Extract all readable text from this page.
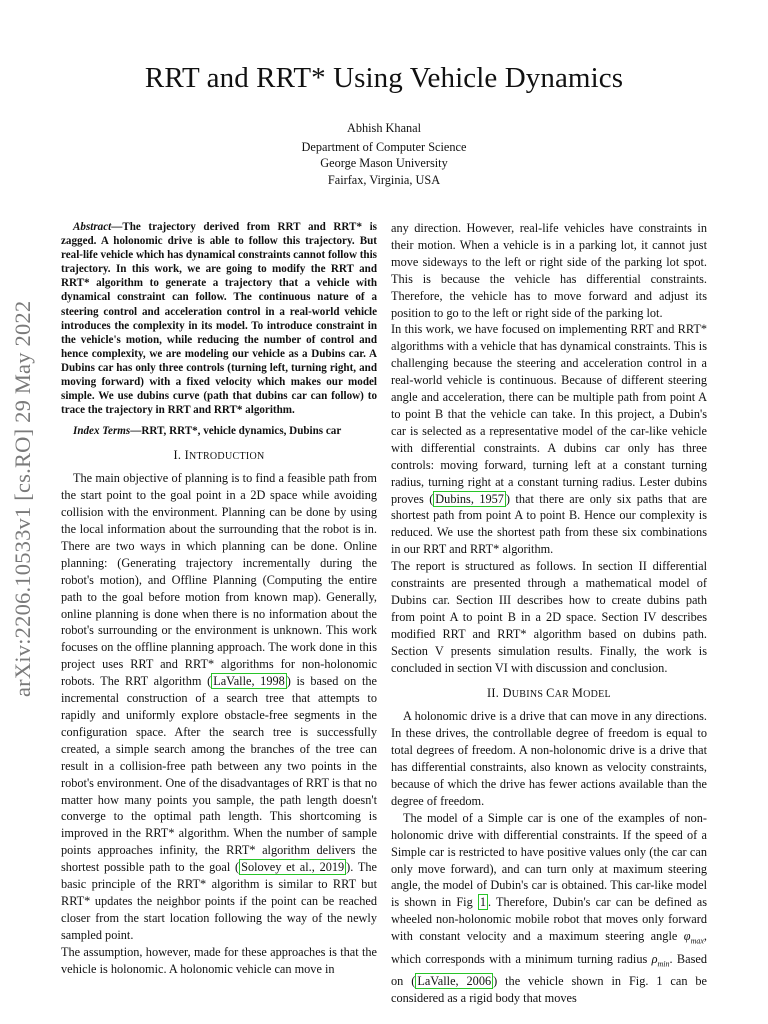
arXiv:2206.10533v1 [cs.RO] 29 May 2022
RRT and RRT* Using Vehicle Dynamics
Abhish Khanal
Department of Computer Science
George Mason University
Fairfax, Virginia, USA

Abstract—The trajectory derived from RRT and RRT* is zagged. A holonomic drive is able to follow this trajectory. But real-life vehicle which has dynamical constraints cannot follow this trajectory. In this work, we are going to modify the RRT and RRT* algorithm to generate a trajectory that a vehicle with dynamical constraint can follow. The continuous nature of a steering control and acceleration control in a real-world vehicle introduces the complexity in its model. To introduce constraint in the vehicle's motion, while reducing the number of control and hence complexity, we are modeling our vehicle as a Dubins car. A Dubins car has only three controls (turning left, turning right, and moving forward) with a fixed velocity which makes our model simple. We use dubins curve (path that dubins car can follow) to trace the trajectory in RRT and RRT* algorithm.

Index Terms—RRT, RRT*, vehicle dynamics, Dubins car

I. INTRODUCTION

The main objective of planning is to find a feasible path from the start point to the goal point in a 2D space while avoiding collision with the environment. Planning can be done by using the local information about the surrounding that the robot is in. There are two ways in which planning can be done. Online planning: (Generating trajectory incrementally during the robot's motion), and Offline Planning (Computing the entire path to the goal before motion from known map). Generally, online planning is done when there is no information about the robot's surrounding or the environment is unknown. This work focuses on the offline planning approach. The work done in this project uses RRT and RRT* algorithms for non-holonomic robots. The RRT algorithm ( LaValle, 1998 ) is based on the incremental construction of a search tree that attempts to rapidly and uniformly explore obstacle-free segments in the configuration space. After the search tree is successfully created, a simple search among the branches of the tree can result in a collision-free path between any two points in the robot's environment. One of the disadvantages of RRT is that no matter how many points you sample, the path length doesn't converge to the optimal path length. This shortcoming is improved in the RRT* algorithm. When the number of sample points approaches infinity, the RRT* algorithm delivers the shortest possible path to the goal ( Solovey et al., 2019 ). The basic principle of the RRT* algorithm is similar to RRT but RRT* updates the neighbor points if the point can be reached closer from the start location following the way of the newly sampled point.

The assumption, however, made for these approaches is that the vehicle is holonomic. A holonomic vehicle can move in

any direction. However, real-life vehicles have constraints in their motion. When a vehicle is in a parking lot, it cannot just move sideways to the left or right side of the parking lot spot. This is because the vehicle has differential constraints. Therefore, the vehicle has to move forward and adjust its position to go to the left or right side of the parking lot.

In this work, we have focused on implementing RRT and RRT* algorithms with a vehicle that has dynamical constraints. This is challenging because the steering and acceleration control in a real-world vehicle is continuous. Because of different steering angle and acceleration, there can be multiple path from point A to point B that the vehicle can take. In this project, a Dubin's car is selected as a representative model of the car-like vehicle with differential constraints. A dubins car only has three controls: moving forward, turning left at a constant turning radius, turning right at a constant turning radius. Lester dubins proves ( Dubins, 1957 ) that there are only six paths that are shortest path from point A to point B. Hence our complexity is reduced. We use the shortest path from these six combinations in our RRT and RRT* algorithm.

The report is structured as follows. In section II differential constraints are presented through a mathematical model of Dubins car. Section III describes how to create dubins path from point A to point B in a 2D space. Section IV describes modified RRT and RRT* algorithm based on dubins path. Section V presents simulation results. Finally, the work is concluded in section VI with discussion and conclusion.

II. DUBINS CAR MODEL

A holonomic drive is a drive that can move in any directions. In these drives, the controllable degree of freedom is equal to total degrees of freedom. A non-holonomic drive is a drive that has differential constraints, also known as velocity constraints, because of which the drive has fewer actions available than the degree of freedom.

The model of a Simple car is one of the examples of non-holonomic drive with differential constraints. If the speed of a Simple car is restricted to have positive values only (the car can only move forward), and can turn only at maximum steering angle, the model of Dubin's car is obtained. This car-like model is shown in Fig 1 . Therefore, Dubin's car can be defined as wheeled non-holonomic mobile robot that moves only forward with constant velocity and a maximum steering angle $\varphi_{max}$, which corresponds with a minimum turning radius $\rho_{min}$. Based on ( LaValle, 2006 ) the vehicle shown in Fig. 1 can be considered as a rigid body that moves
